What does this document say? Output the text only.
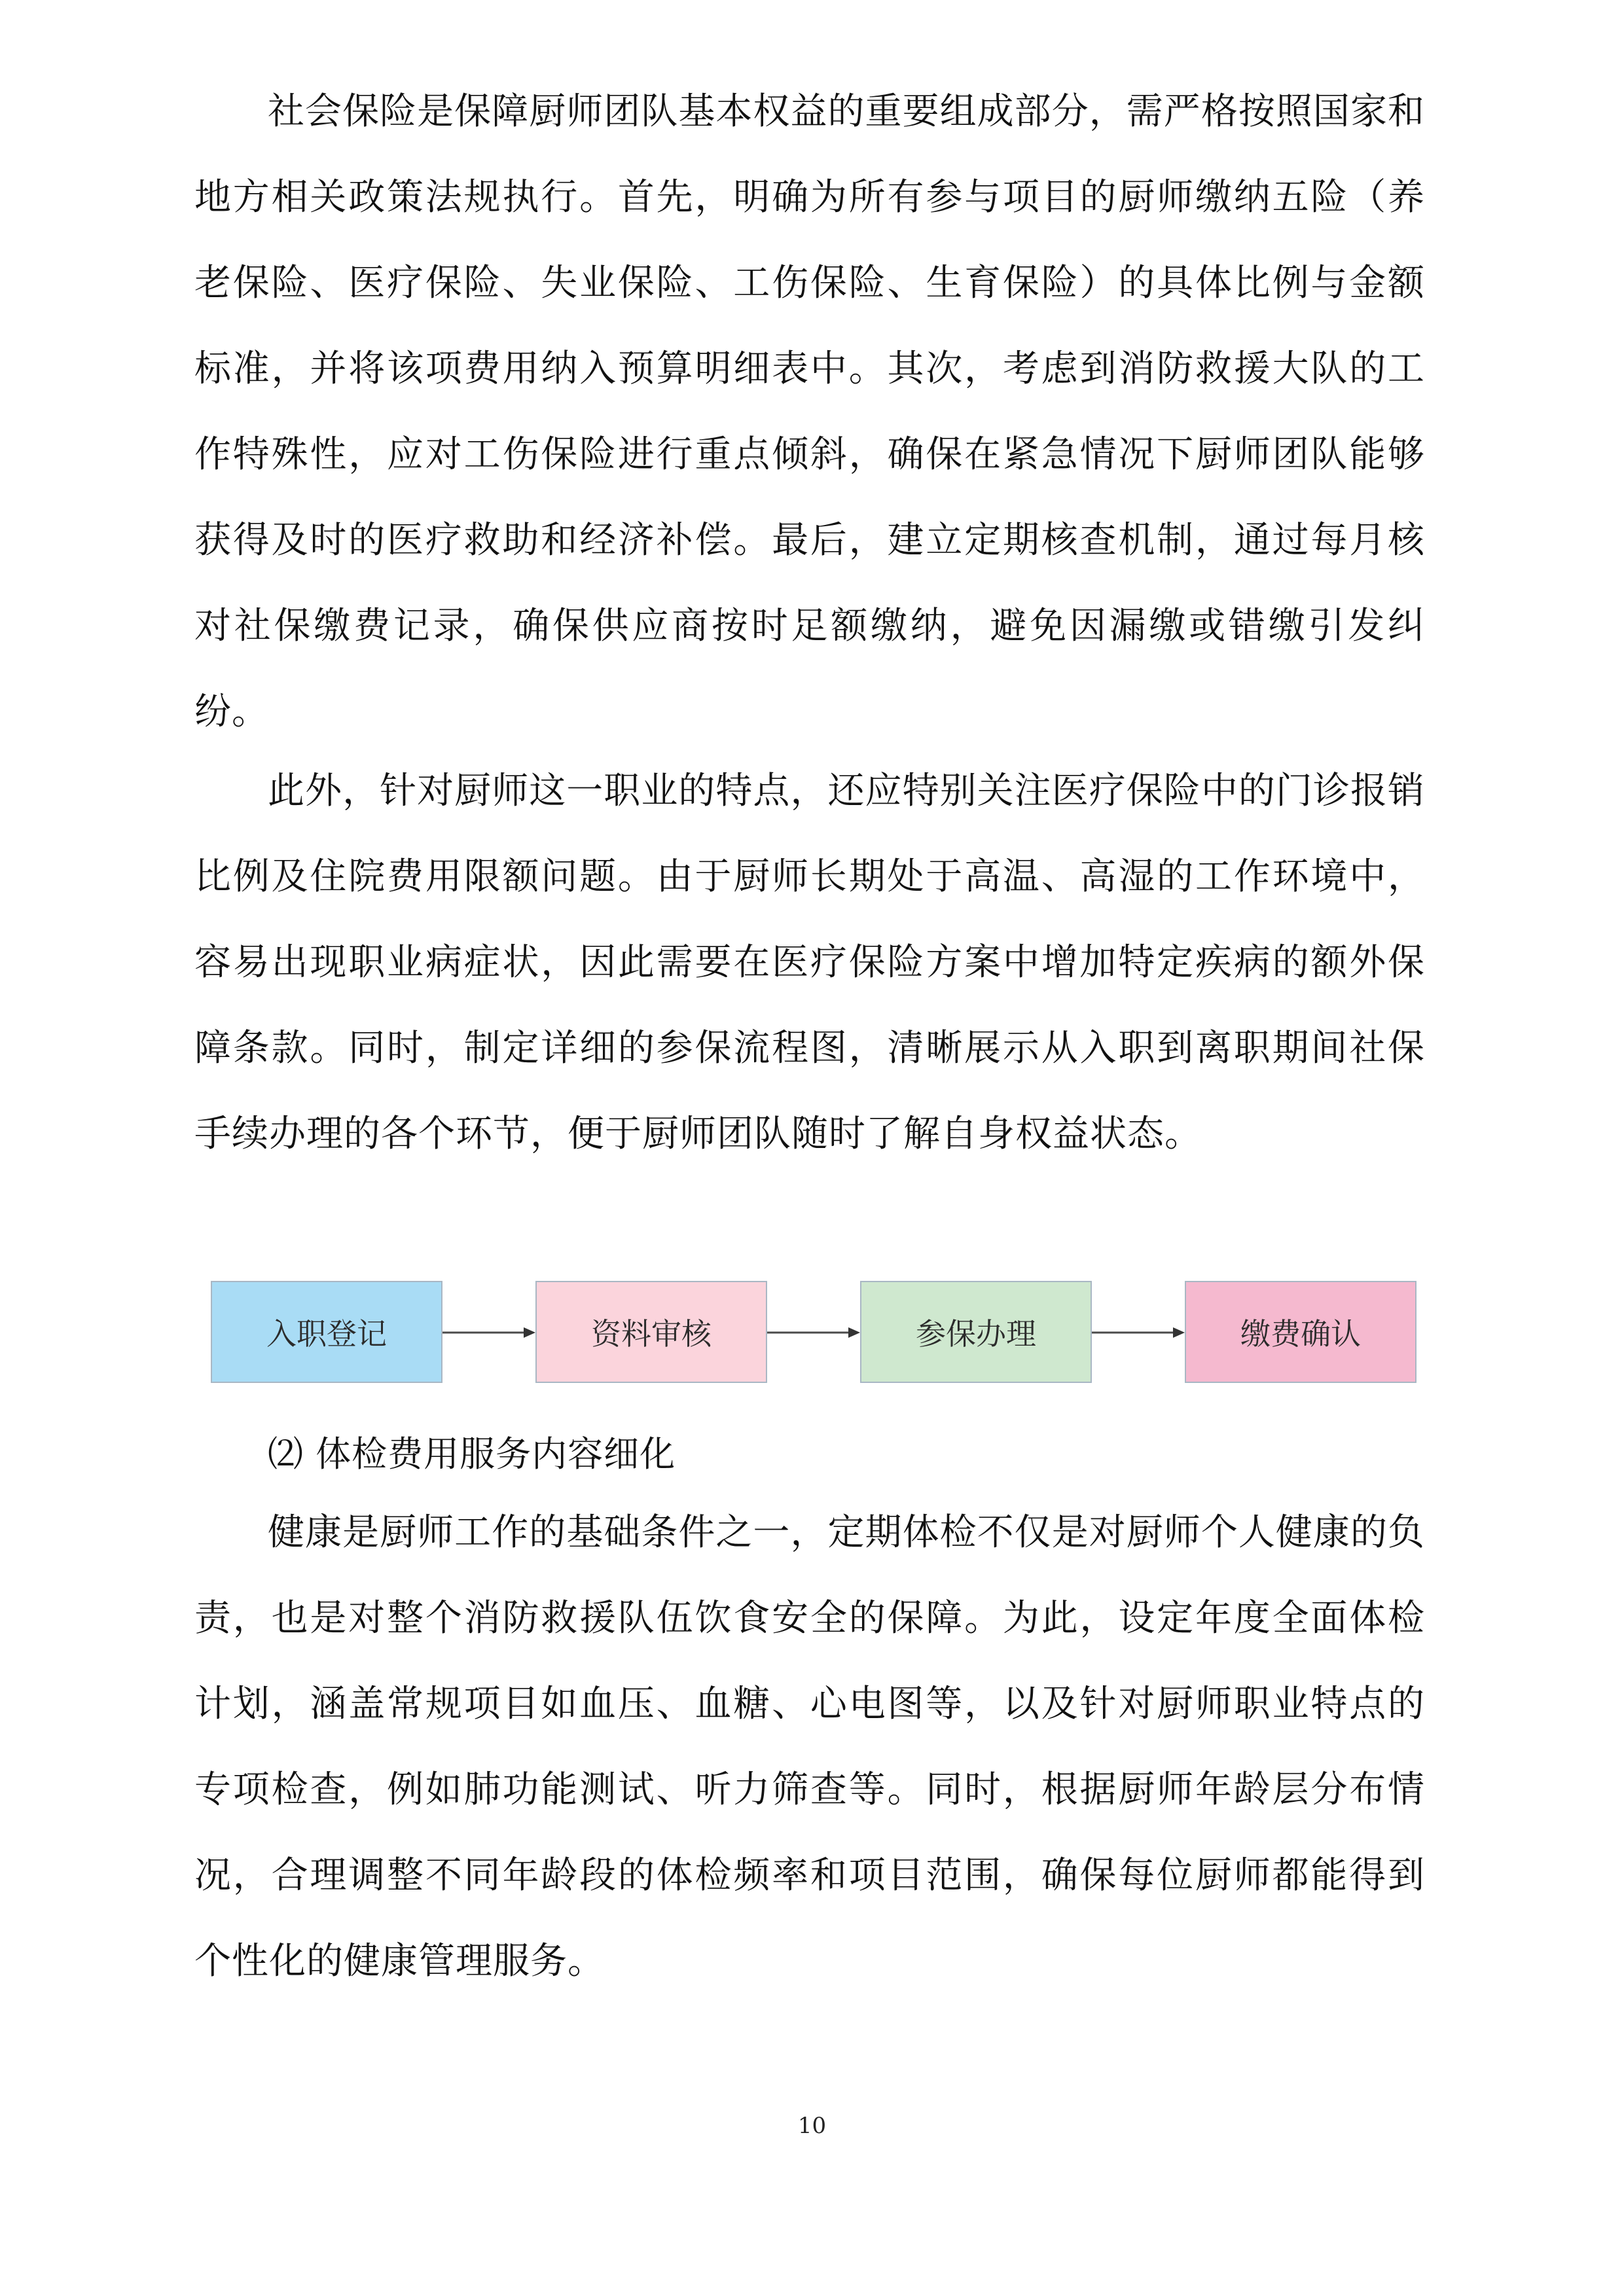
社会保险是保障厨师团队基本权益的重要组成部分，需严格按照国家和地方相关政策法规执行。首先，明确为所有参与项目的厨师缴纳五险（养老保险、医疗保险、失业保险、工伤保险、生育保险）的具体比例与金额标准，并将该项费用纳入预算明细表中。其次，考虑到消防救援大队的工作特殊性，应对工伤保险进行重点倾斜，确保在紧急情况下厨师团队能够获得及时的医疗救助和经济补偿。最后，建立定期核查机制，通过每月核对社保缴费记录，确保供应商按时足额缴纳，避免因漏缴或错缴引发纠纷。

此外，针对厨师这一职业的特点，还应特别关注医疗保险中的门诊报销比例及住院费用限额问题。由于厨师长期处于高温、高湿的工作环境中，容易出现职业病症状，因此需要在医疗保险方案中增加特定疾病的额外保障条款。同时，制定详细的参保流程图，清晰展示从入职到离职期间社保手续办理的各个环节，便于厨师团队随时了解自身权益状态。

入职登记	资料审核	参保办理	缴费确认
⑵ 体检费用服务内容细化

健康是厨师工作的基础条件之一，定期体检不仅是对厨师个人健康的负责，也是对整个消防救援队伍饮食安全的保障。为此，设定年度全面体检计划，涵盖常规项目如血压、血糖、心电图等，以及针对厨师职业特点的专项检查，例如肺功能测试、听力筛查等。同时，根据厨师年龄层分布情况，合理调整不同年龄段的体检频率和项目范围，确保每位厨师都能得到个性化的健康管理服务。

10
